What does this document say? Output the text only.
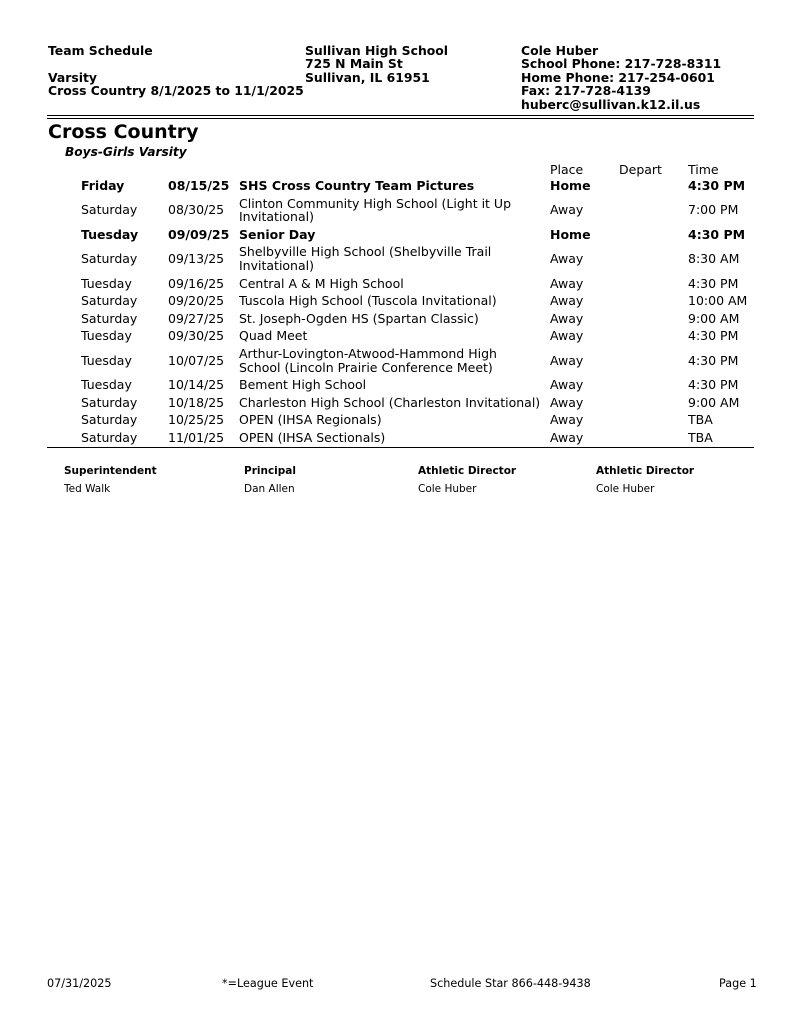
Team Schedule
Varsity
Cross Country 8/1/2025 to 11/1/2025
Sullivan High School
725 N Main St
Sullivan, IL 61951
Cole Huber
School Phone: 217-728-8311
Home Phone: 217-254-0601
Fax: 217-728-4139
huberc@sullivan.k12.il.us
Cross Country
Boys-Girls Varsity
Place	Depart Time
	Friday	08/15/25	SHS Cross Country Team Pictures	Home		4:30 PM
	Saturday	08/30/25	Clinton Community High School (Light it Up Invitational)	Away		7:00 PM
	Tuesday	09/09/25	Senior Day	Home		4:30 PM
	Saturday	09/13/25	Shelbyville High School (Shelbyville Trail Invitational)	Away		8:30 AM
	Tuesday	09/16/25	Central A & M High School	Away		4:30 PM
	Saturday	09/20/25	Tuscola High School (Tuscola Invitational)	Away		10:00 AM
	Saturday	09/27/25	St. Joseph-Ogden HS (Spartan Classic)	Away		9:00 AM
	Tuesday	09/30/25	Quad Meet	Away		4:30 PM
	Tuesday	10/07/25	Arthur-Lovington-Atwood-Hammond High School (Lincoln Prairie Conference Meet)	Away		4:30 PM
	Tuesday	10/14/25	Bement High School	Away		4:30 PM
	Saturday	10/18/25	Charleston High School (Charleston Invitational)	Away		9:00 AM
	Saturday	10/25/25	OPEN (IHSA Regionals)	Away		TBA
	Saturday	11/01/25	OPEN (IHSA Sectionals)	Away		TBA
Superintendent
Ted Walk
Principal
Dan Allen
Athletic Director
Cole Huber
Athletic Director
Cole Huber
07/31/2025	*=League Event	Schedule Star 866-448-9438	Page 1
